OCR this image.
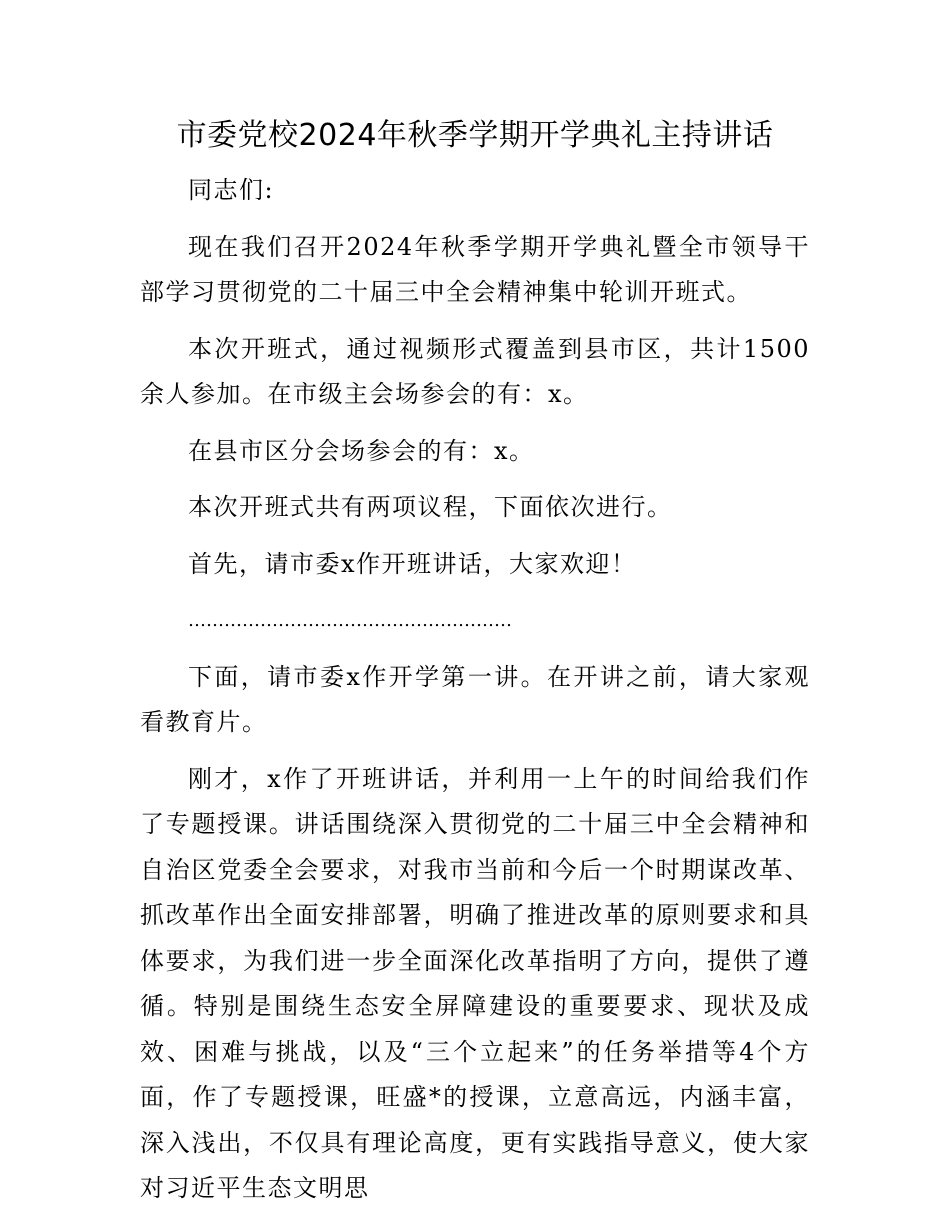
市委党校2024年秋季学期开学典礼主持讲话

同志们:

现在我们召开2024年秋季学期开学典礼暨全市领导干部学习贯彻党的二十届三中全会精神集中轮训开班式。

本次开班式，通过视频形式覆盖到县市区，共计1500余人参加。在市级主会场参会的有：x。

在县市区分会场参会的有：x。

本次开班式共有两项议程，下面依次进行。

首先，请市委x作开班讲话，大家欢迎！

………………………………………………

下面，请市委x作开学第一讲。在开讲之前，请大家观看教育片。

刚才，x作了开班讲话，并利用一上午的时间给我们作了专题授课。讲话围绕深入贯彻党的二十届三中全会精神和自治区党委全会要求，对我市当前和今后一个时期谋改革、抓改革作出全面安排部署，明确了推进改革的原则要求和具体要求，为我们进一步全面深化改革指明了方向，提供了遵循。特别是围绕生态安全屏障建设的重要要求、现状及成效、困难与挑战，以及“三个立起来”的任务举措等4个方面，作了专题授课，旺盛*的授课，立意高远，内涵丰富，深入浅出，不仅具有理论高度，更有实践指导意义，使大家对习近平生态文明思
